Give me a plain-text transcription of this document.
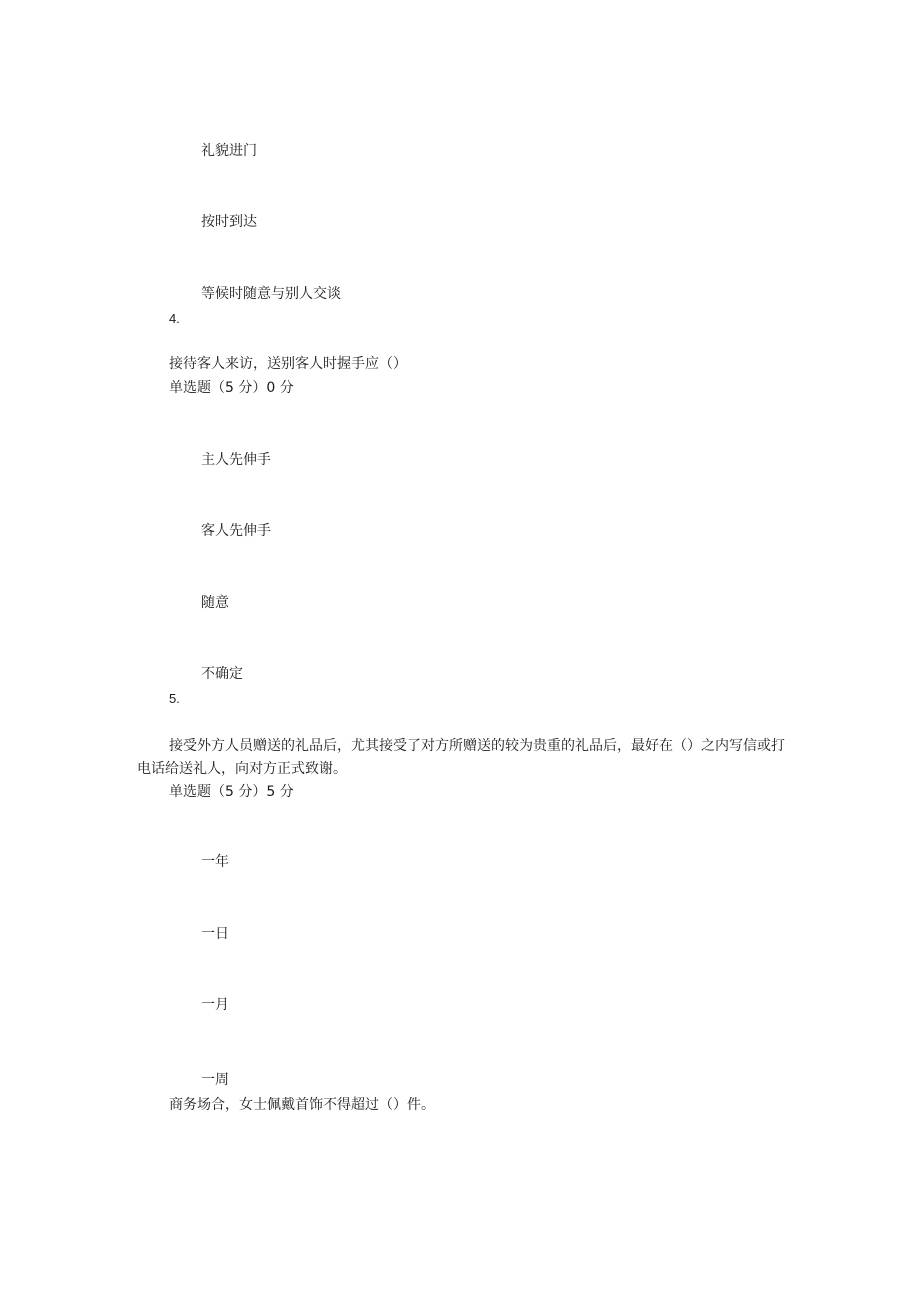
礼貌进门
按时到达
等候时随意与别人交谈
4.
接待客人来访，送别客人时握手应（）
单选题（5 分）0 分
主人先伸手
客人先伸手
随意
不确定
5.
接受外方人员赠送的礼品后，尤其接受了对方所赠送的较为贵重的礼品后，最好在（）之内写信或打电话给送礼人，向对方正式致谢。
单选题（5 分）5 分
一年
一日
一月
一周
商务场合，女士佩戴首饰不得超过（）件。
